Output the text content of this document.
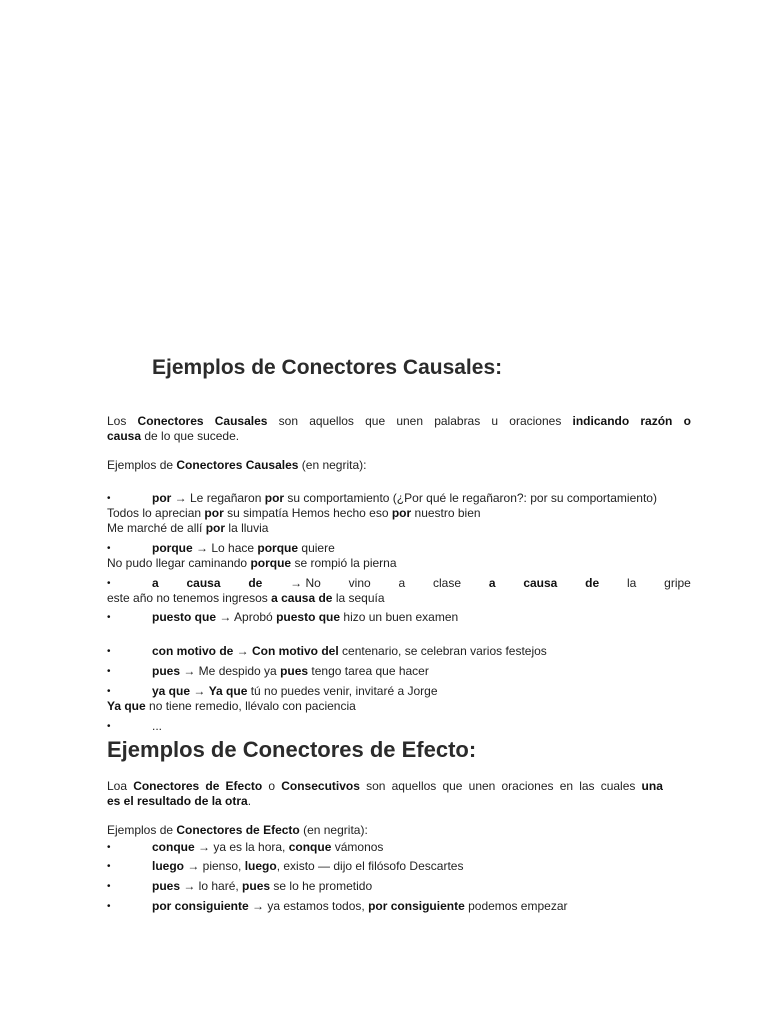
Ejemplos de Conectores Causales:
Los Conectores Causales son aquellos que unen palabras u oraciones indicando razón o
causa de lo que sucede.
Ejemplos de Conectores Causales (en negrita):
•	por → Le regañaron por su comportamiento (¿Por qué le regañaron?: por su comportamiento)
Todos lo aprecian por su simpatía Hemos hecho eso por nuestro bien
Me marché de allí por la lluvia
•	porque → Lo hace porque quiere
No pudo llegar caminando porque se rompió la pierna
•	a causa de → No vino a clase a causa de la gripe
este año no tenemos ingresos a causa de la sequía
•	puesto que → Aprobó puesto que hizo un buen examen
•	con motivo de → Con motivo del centenario, se celebran varios festejos
•	pues → Me despido ya pues tengo tarea que hacer
•	ya que → Ya que tú no puedes venir, invitaré a Jorge
Ya que no tiene remedio, llévalo con paciencia
•	...
Ejemplos de Conectores de Efecto:
Loa Conectores de Efecto o Consecutivos son aquellos que unen oraciones en las cuales una
es el resultado de la otra.
Ejemplos de Conectores de Efecto (en negrita):
•	conque → ya es la hora, conque vámonos
•	luego → pienso, luego, existo — dijo el filósofo Descartes
•	pues → lo haré, pues se lo he prometido
•	por consiguiente → ya estamos todos, por consiguiente podemos empezar
